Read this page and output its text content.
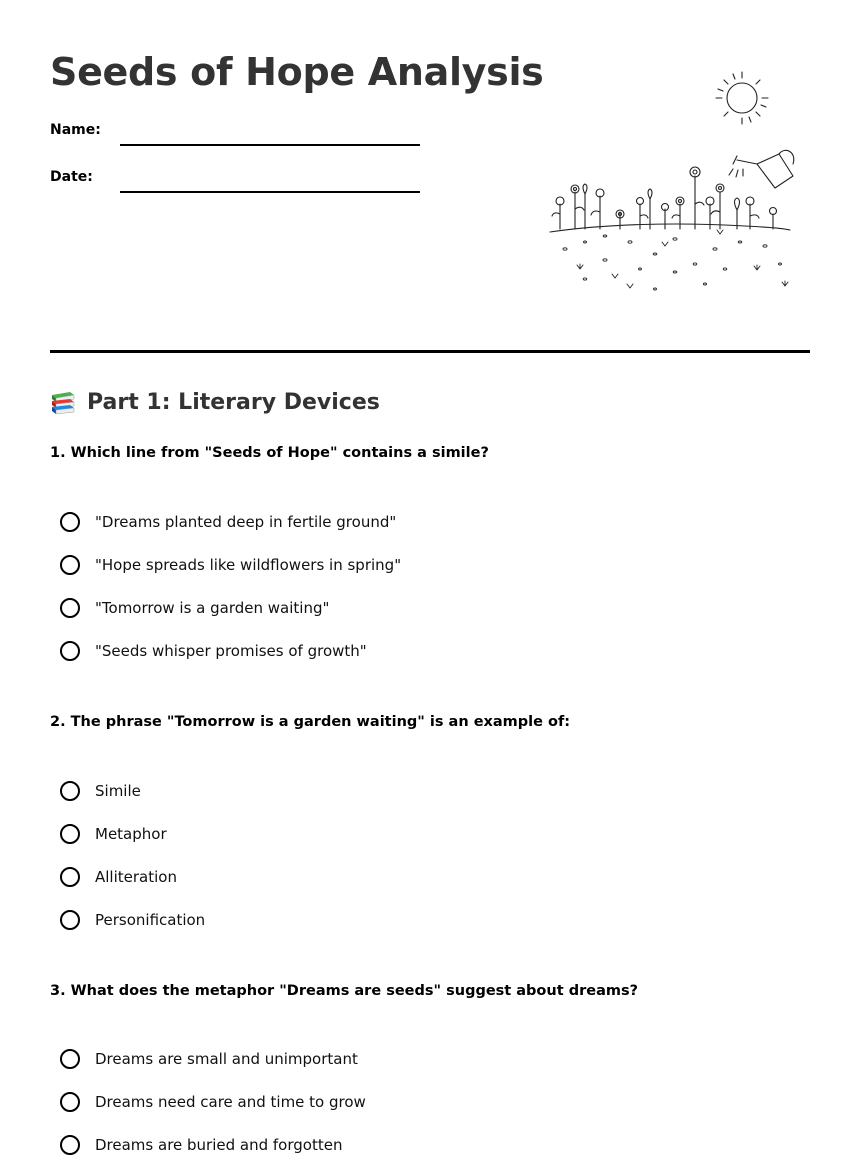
Seeds of Hope Analysis
Name:
Date:
Part 1: Literary Devices
1. Which line from "Seeds of Hope" contains a simile?
"Dreams planted deep in fertile ground"
"Hope spreads like wildflowers in spring"
"Tomorrow is a garden waiting"
"Seeds whisper promises of growth"
2. The phrase "Tomorrow is a garden waiting" is an example of:
Simile
Metaphor
Alliteration
Personification
3. What does the metaphor "Dreams are seeds" suggest about dreams?
Dreams are small and unimportant
Dreams need care and time to grow
Dreams are buried and forgotten
